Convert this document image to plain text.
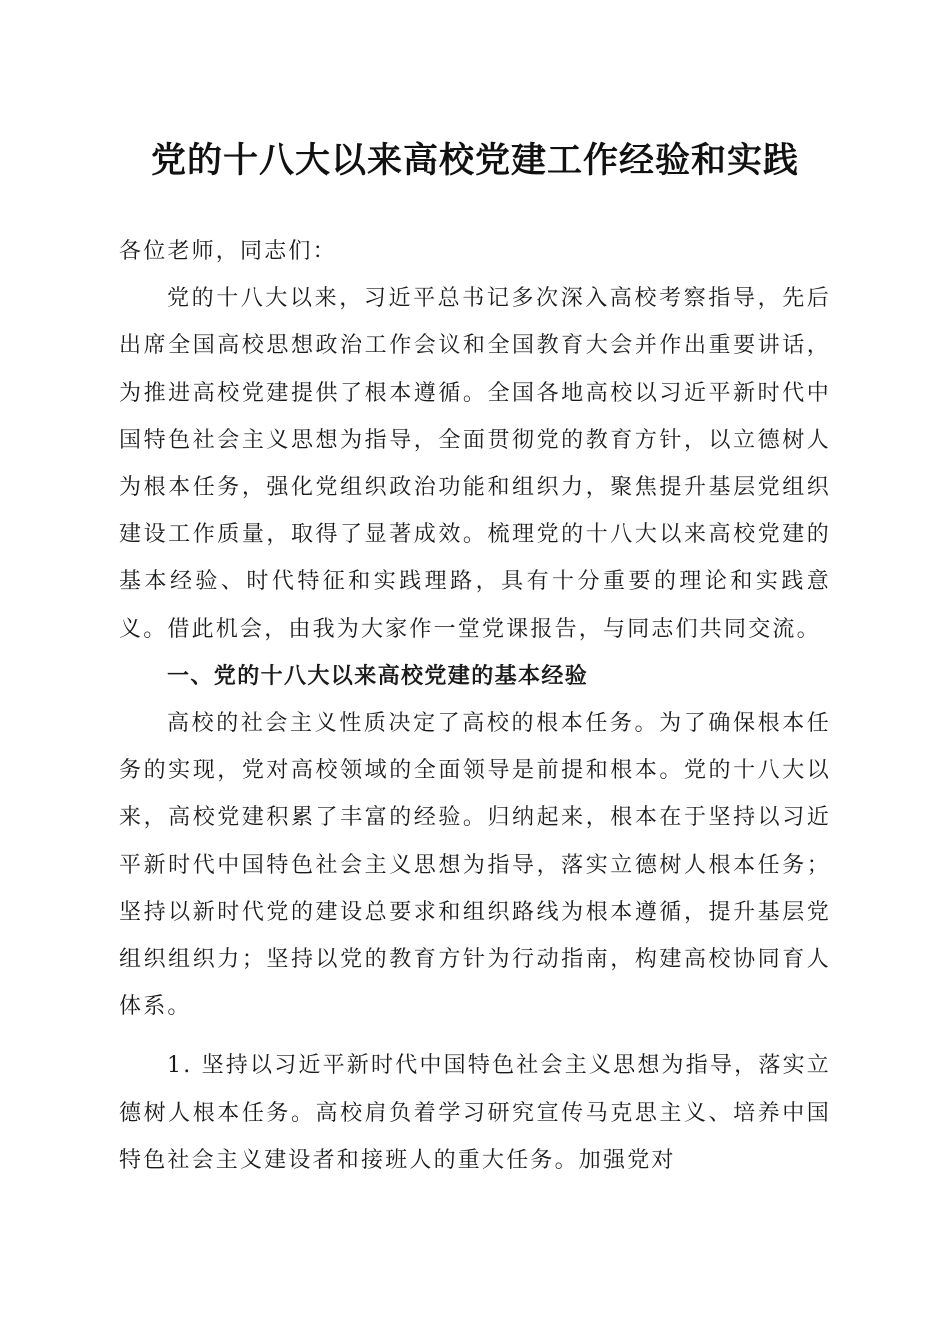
党的十八大以来高校党建工作经验和实践

各位老师，同志们：

党的十八大以来，习近平总书记多次深入高校考察指导，先后出席全国高校思想政治工作会议和全国教育大会并作出重要讲话，为推进高校党建提供了根本遵循。全国各地高校以习近平新时代中国特色社会主义思想为指导，全面贯彻党的教育方针，以立德树人为根本任务，强化党组织政治功能和组织力，聚焦提升基层党组织建设工作质量，取得了显著成效。梳理党的十八大以来高校党建的基本经验、时代特征和实践理路，具有十分重要的理论和实践意义。借此机会，由我为大家作一堂党课报告，与同志们共同交流。

一、党的十八大以来高校党建的基本经验

高校的社会主义性质决定了高校的根本任务。为了确保根本任务的实现，党对高校领域的全面领导是前提和根本。党的十八大以来，高校党建积累了丰富的经验。归纳起来，根本在于坚持以习近平新时代中国特色社会主义思想为指导，落实立德树人根本任务；坚持以新时代党的建设总要求和组织路线为根本遵循，提升基层党组织组织力；坚持以党的教育方针为行动指南，构建高校协同育人体系。

1. 坚持以习近平新时代中国特色社会主义思想为指导，落实立德树人根本任务。高校肩负着学习研究宣传马克思主义、培养中国特色社会主义建设者和接班人的重大任务。加强党对
